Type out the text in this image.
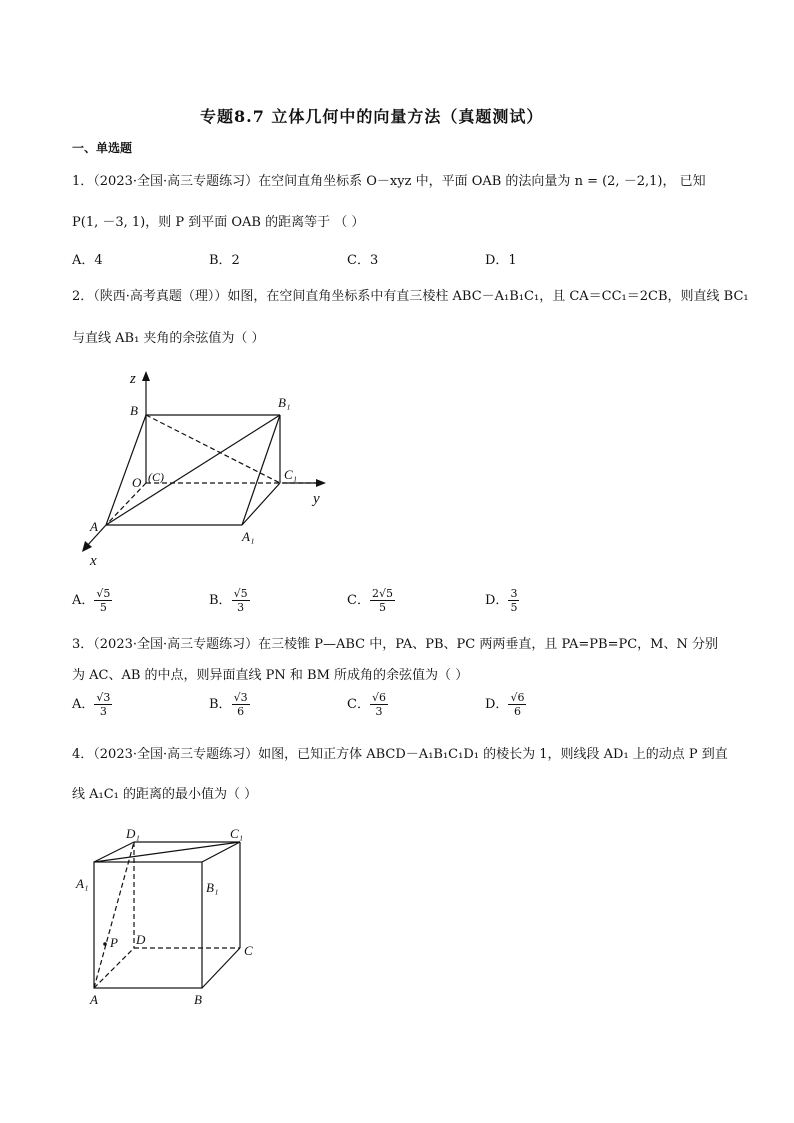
专题8.7 立体几何中的向量方法（真题测试）
一、单选题
1．（2023·全国·高三专题练习）在空间直角坐标系 O－xyz 中，平面 OAB 的法向量为 n = (2, －2,1)， 已知
P(1, －3, 1)，则 P 到平面 OAB 的距离等于 （ ）
A．4	B．2	C．3	D．1
2．（陕西·高考真题（理））如图，在空间直角坐标系中有直三棱柱 ABC－A₁B₁C₁，且 CA＝CC₁＝2CB，则直线 BC₁
与直线 AB₁ 夹角的余弦值为（ ）
z
B
B₁
C₁
O (C)
y
A
A₁
x
A． $\frac{√5}{5}$	B． $\frac{√5}{3}$	C． $\frac{2√5}{5}$	D． $\frac{3}{5}$
3．（2023·全国·高三专题练习）在三棱锥 P—ABC 中，PA、PB、PC 两两垂直，且 PA=PB=PC，M、N 分别
为 AC、AB 的中点，则异面直线 PN 和 BM 所成角的余弦值为（ ）
A． $\frac{√3}{3}$	B． $\frac{√3}{6}$	C． $\frac{√6}{3}$	D． $\frac{√6}{6}$
4．（2023·全国·高三专题练习）如图，已知正方体 ABCD－A₁B₁C₁D₁ 的棱长为 1，则线段 AD₁ 上的动点 P 到直
线 A₁C₁ 的距离的最小值为（ ）
D₁	C₁
A₁	B₁
P D
C
A	B
